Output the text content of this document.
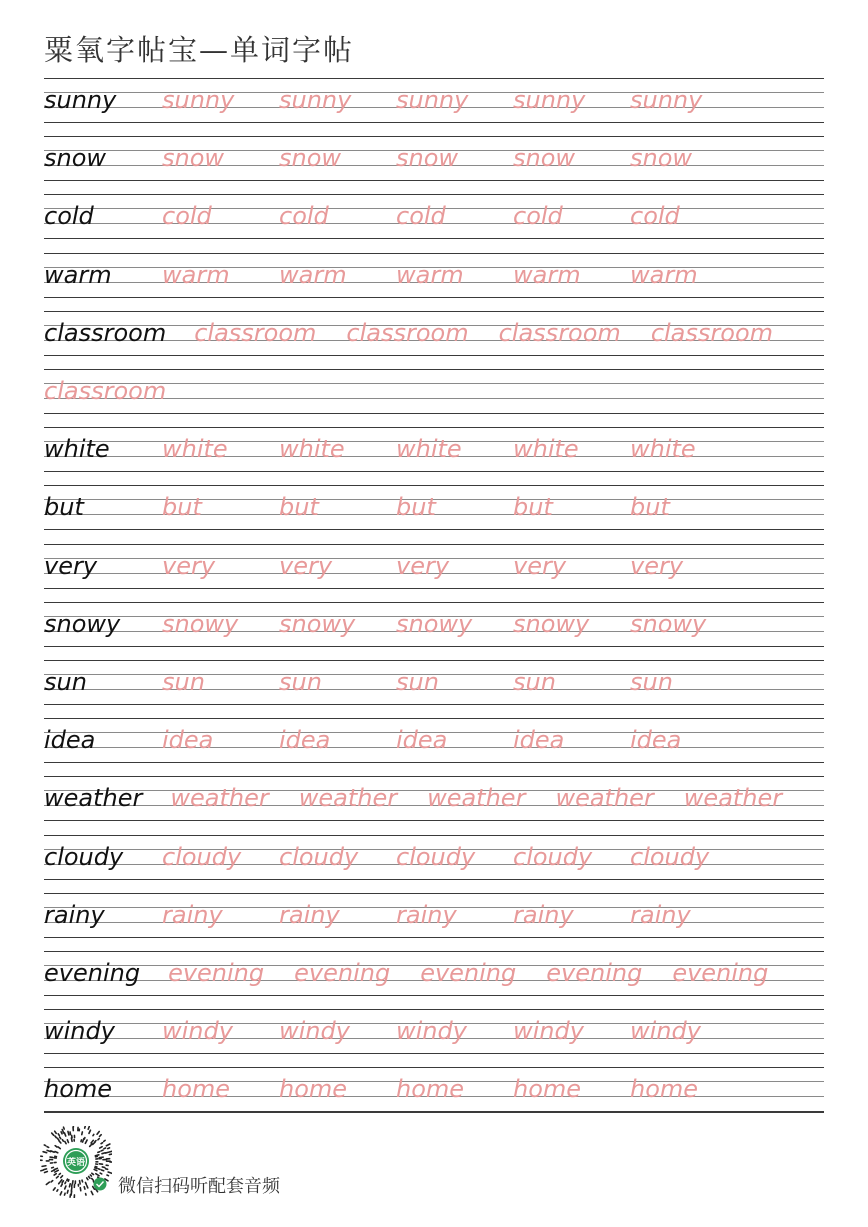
粟氧字帖宝—单词字帖
sunny sunny sunny sunny sunny sunny
snow snow snow snow snow snow
cold	cold	cold	cold	cold	cold
warm warm warm warm warm warm
classroom classroom classroom classroom classroom
classroom
white white white white white white
but	but	but	but	but	but
very	very	very	very	very	very
snowy snowy snowy snowy snowy snowy
sun	sun	sun	sun	sun	sun
idea	idea	idea	idea	idea	idea
weather weather weather weather weather weather
cloudy cloudy cloudy cloudy cloudy cloudy
rainy rainy rainy rainy rainy rainy
evening evening evening evening evening evening
windy windy windy windy windy windy
home home home home home home
英语
微信扫码听配套音频
